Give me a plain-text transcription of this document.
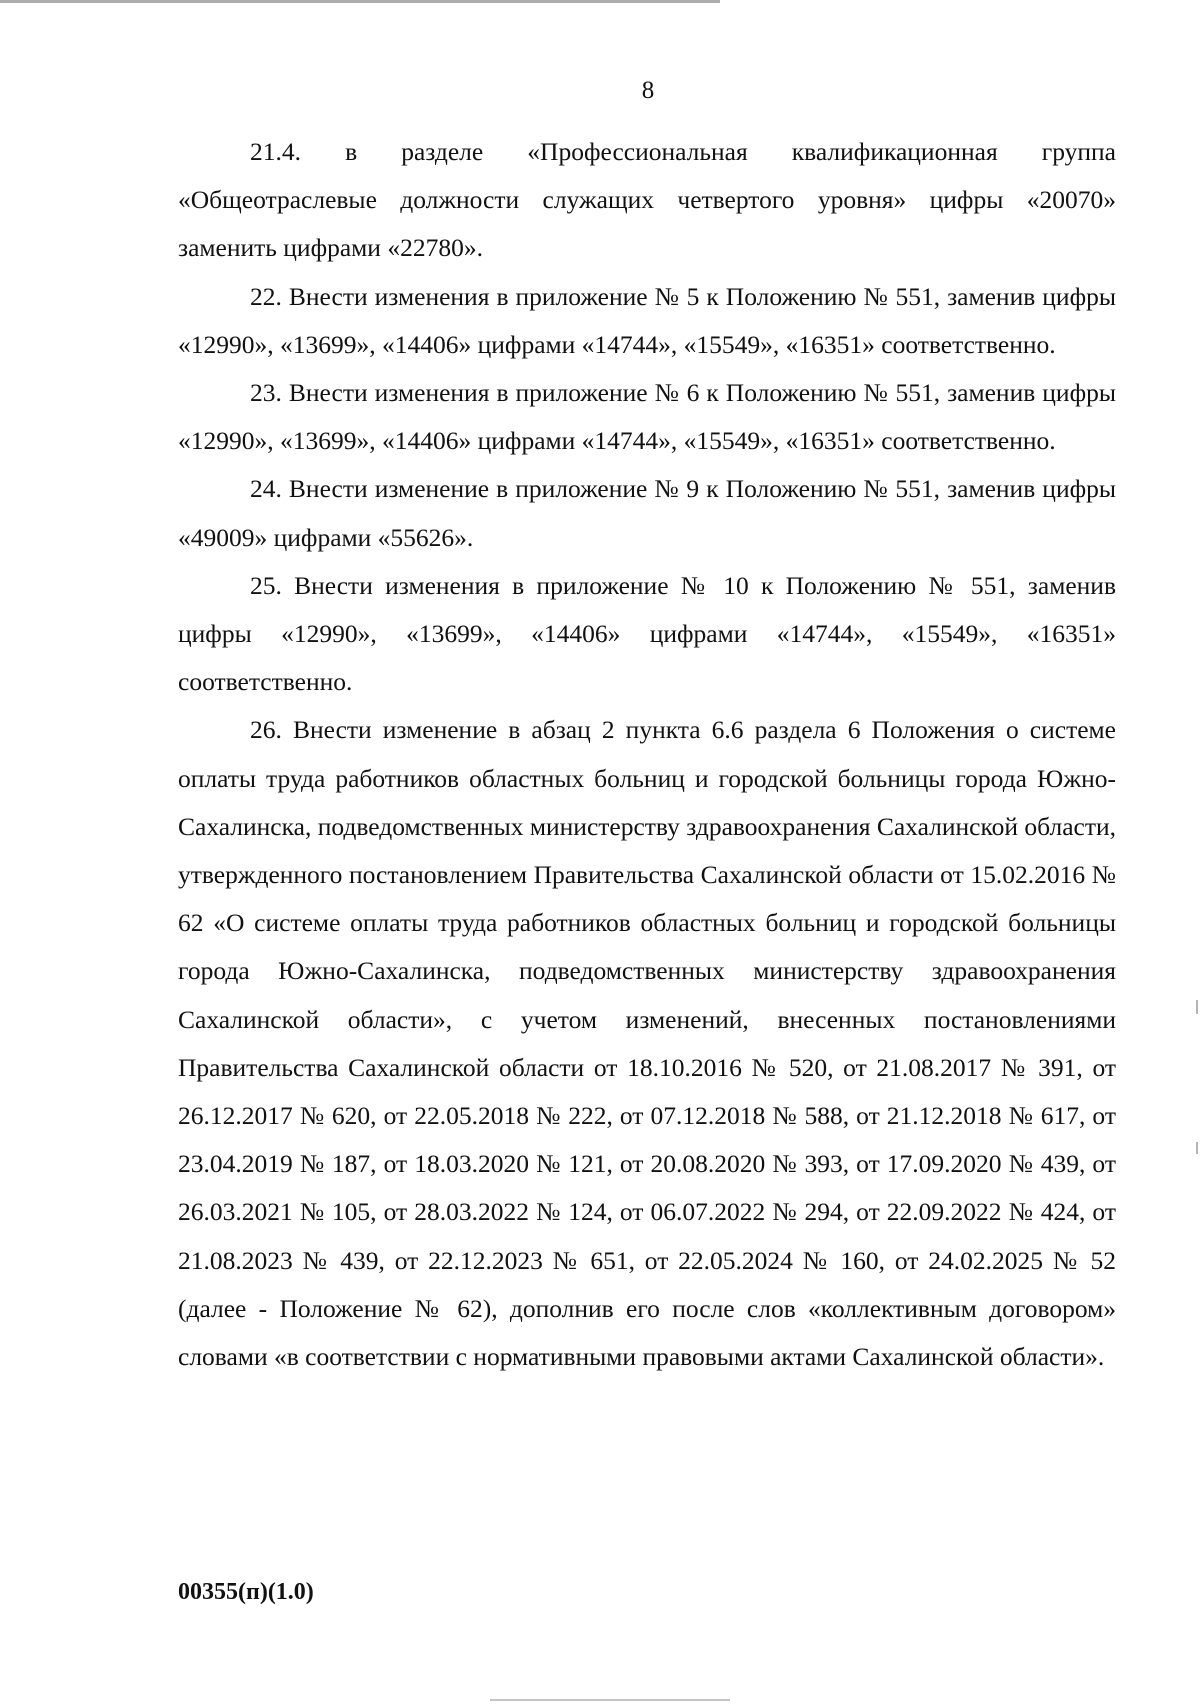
8

21.4. в разделе «Профессиональная квалификационная группа «Общеотраслевые должности служащих четвертого уровня» цифры «20070» заменить цифрами «22780».

22. Внести изменения в приложение № 5 к Положению № 551, заменив цифры «12990», «13699», «14406» цифрами «14744», «15549», «16351» соответственно.

23. Внести изменения в приложение № 6 к Положению № 551, заменив цифры «12990», «13699», «14406» цифрами «14744», «15549», «16351» соответственно.

24. Внести изменение в приложение № 9 к Положению № 551, заменив цифры «49009» цифрами «55626».

25. Внести изменения в приложение № 10 к Положению № 551, заменив цифры «12990», «13699», «14406» цифрами «14744», «15549», «16351» соответственно.

26. Внести изменение в абзац 2 пункта 6.6 раздела 6 Положения о системе оплаты труда работников областных больниц и городской больницы города Южно-Сахалинска, подведомственных министерству здравоохранения Сахалинской области, утвержденного постановлением Правительства Сахалинской области от 15.02.2016 № 62 «О системе оплаты труда работников областных больниц и городской больницы города Южно-Сахалинска, подведомственных министерству здравоохранения Сахалинской области», с учетом изменений, внесенных постановлениями Правительства Сахалинской области от 18.10.2016 № 520, от 21.08.2017 № 391, от 26.12.2017 № 620, от 22.05.2018 № 222, от 07.12.2018 № 588, от 21.12.2018 № 617, от 23.04.2019 № 187, от 18.03.2020 № 121, от 20.08.2020 № 393, от 17.09.2020 № 439, от 26.03.2021 № 105, от 28.03.2022 № 124, от 06.07.2022 № 294, от 22.09.2022 № 424, от 21.08.2023 № 439, от 22.12.2023 № 651, от 22.05.2024 № 160, от 24.02.2025 № 52 (далее - Положение № 62), дополнив его после слов «коллективным договором» словами «в соответствии с нормативными правовыми актами Сахалинской области».

00355(п)(1.0)
